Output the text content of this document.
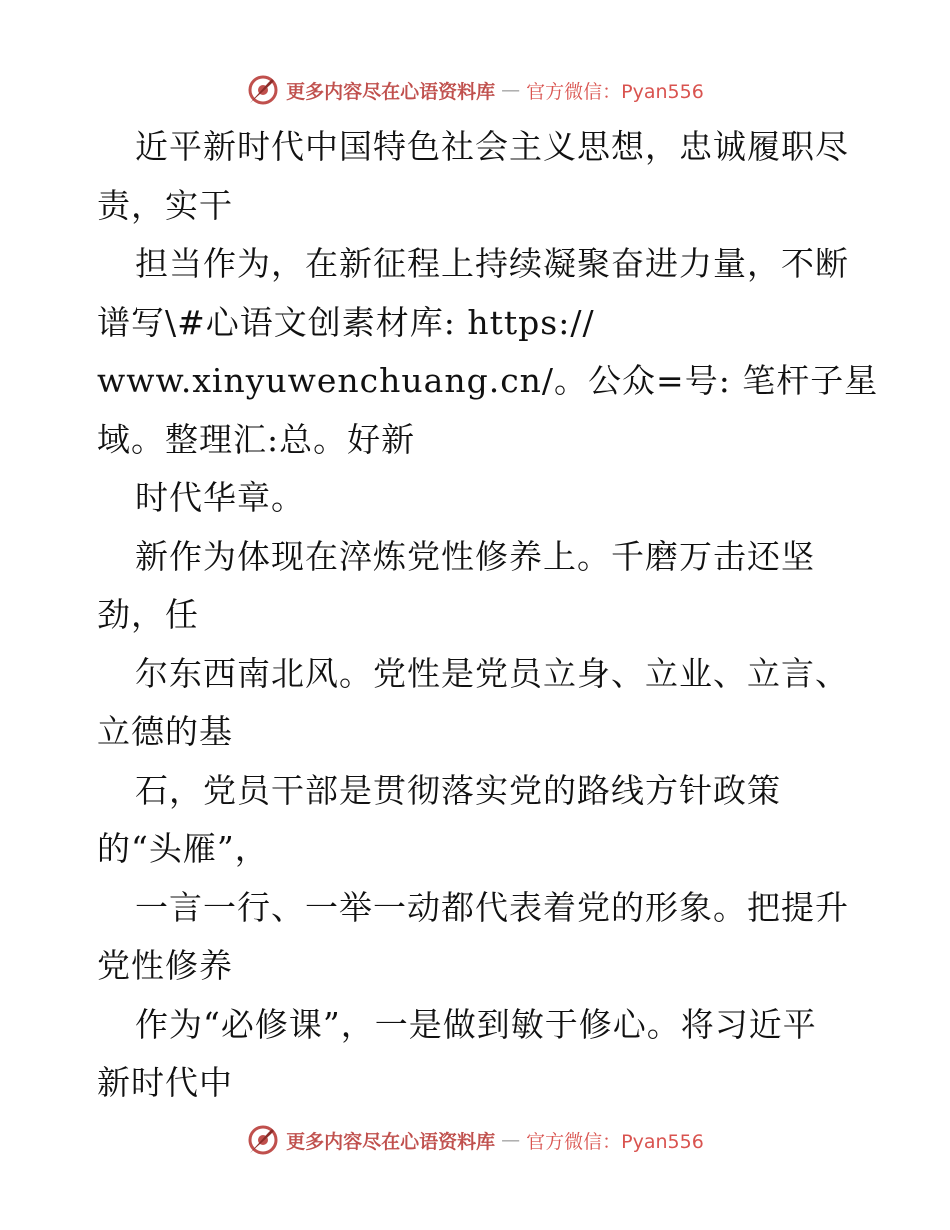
更多内容尽在心语资料库 — 官方微信：Pyan556
近平新时代中国特色社会主义思想，忠诚履职尽
责，实干
担当作为，在新征程上持续凝聚奋进力量，不断
谱写\#心语文创素材库: https://
www.xinyuwenchuang.cn/。公众=号: 笔杆子星
域。整理汇:总。好新
时代华章。
新作为体现在淬炼党性修养上。千磨万击还坚
劲，任
尔东西南北风。党性是党员立身、立业、立言、
立德的基
石，党员干部是贯彻落实党的路线方针政策
的“头雁”，
一言一行、一举一动都代表着党的形象。把提升
党性修养
作为“必修课”，一是做到敏于修心。将习近平
新时代中
更多内容尽在心语资料库 — 官方微信：Pyan556
